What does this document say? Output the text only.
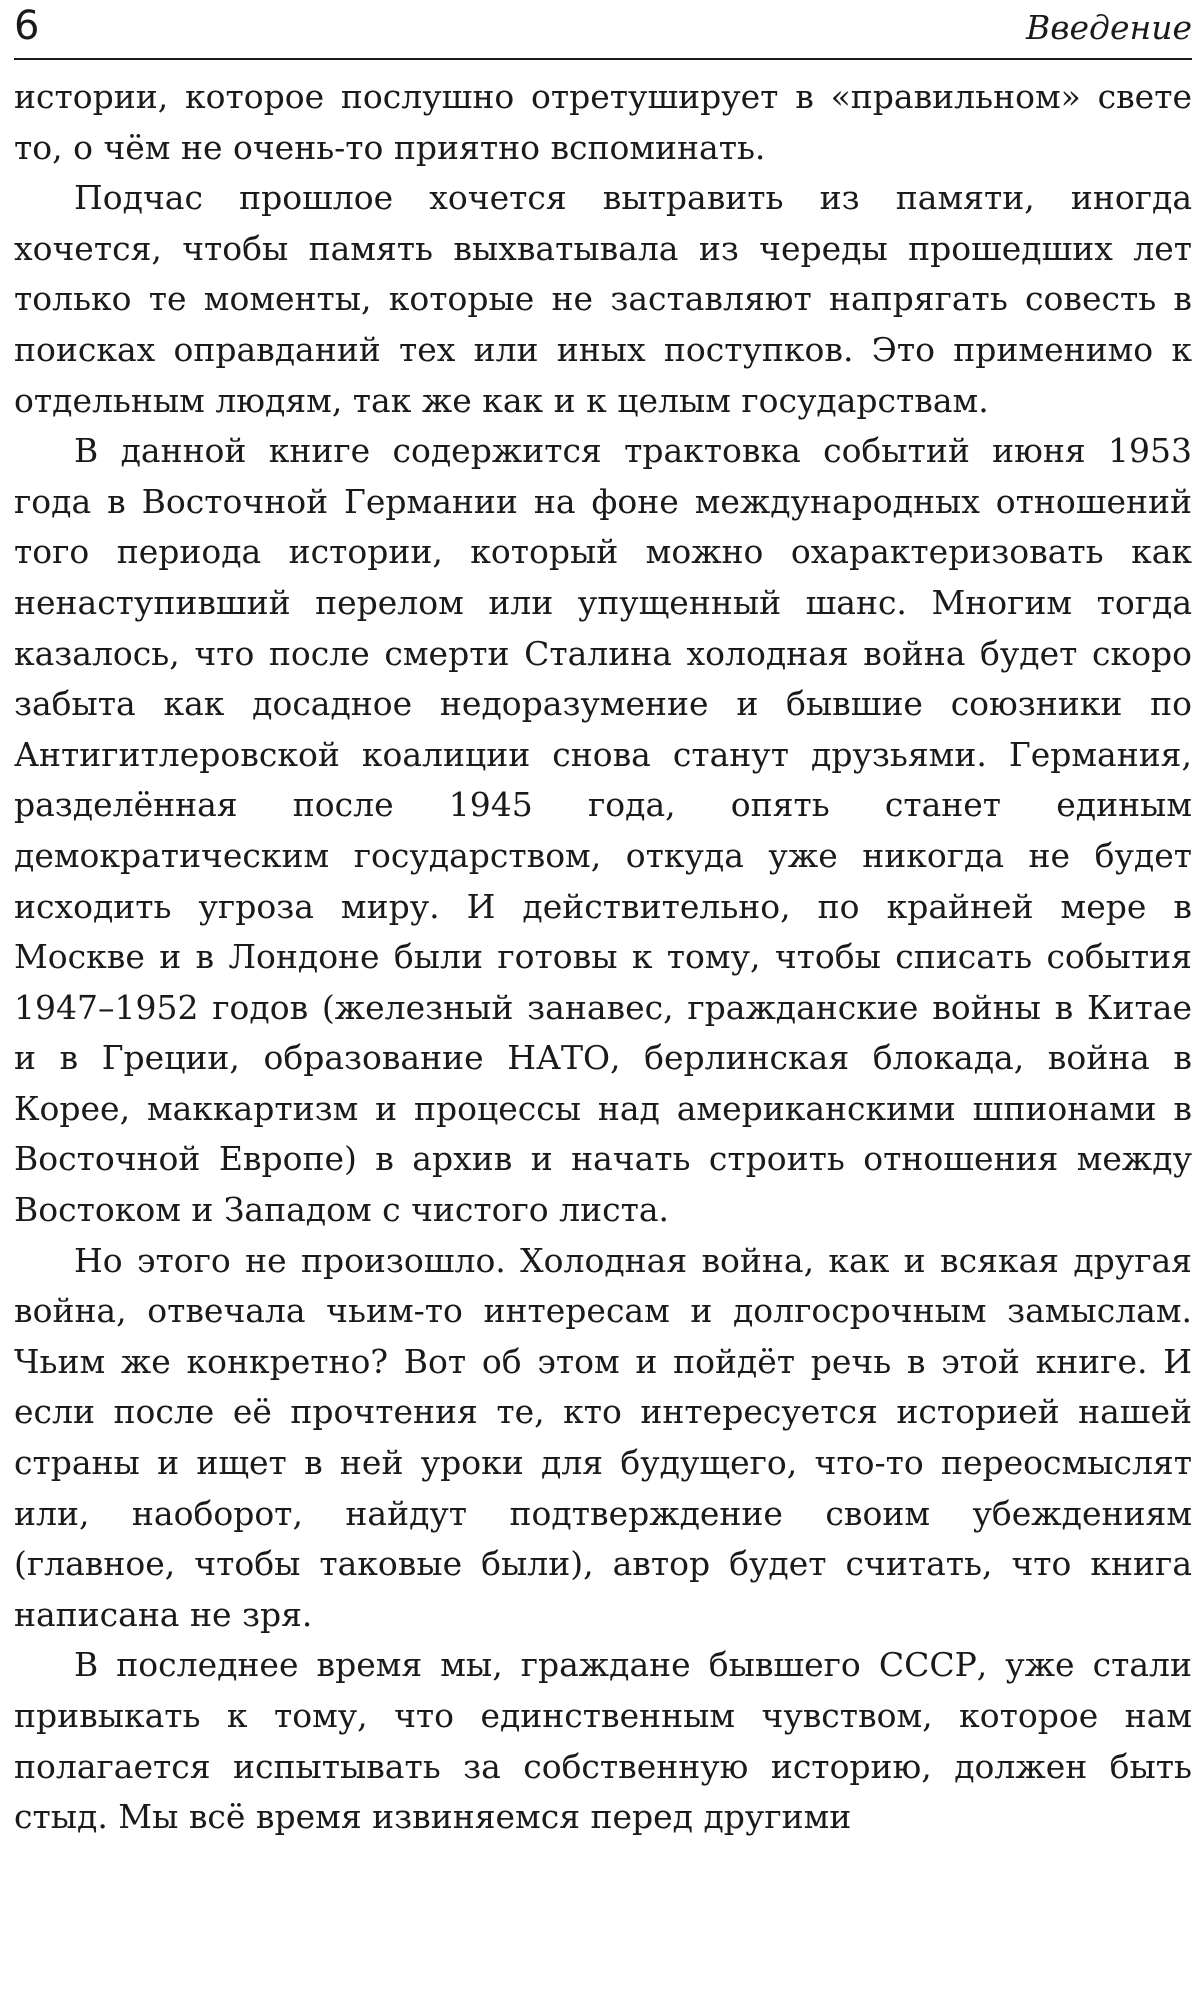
6	Введение

истории, которое послушно отретуширует в «правильном» свете то, о чём не очень-то приятно вспоминать.

Подчас прошлое хочется вытравить из памяти, иногда хочется, чтобы память выхватывала из череды прошедших лет только те моменты, которые не заставляют напрягать совесть в поисках оправданий тех или иных поступков. Это применимо к отдельным людям, так же как и к целым государствам.

В данной книге содержится трактовка событий июня 1953 года в Восточной Германии на фоне международных отношений того периода истории, который можно охарактеризовать как ненаступивший перелом или упущенный шанс. Многим тогда казалось, что после смерти Сталина холодная война будет скоро забыта как досадное недоразумение и бывшие союзники по Антигитлеровской коалиции снова станут друзьями. Германия, разделённая после 1945 года, опять станет единым демократическим государством, откуда уже никогда не будет исходить угроза миру. И действительно, по крайней мере в Москве и в Лондоне были готовы к тому, чтобы списать события 1947–1952 годов (железный занавес, гражданские войны в Китае и в Греции, образование НАТО, берлинская блокада, война в Корее, маккартизм и процессы над американскими шпионами в Восточной Европе) в архив и начать строить отношения между Востоком и Западом с чистого листа.

Но этого не произошло. Холодная война, как и всякая другая война, отвечала чьим-то интересам и долгосрочным замыслам. Чьим же конкретно? Вот об этом и пойдёт речь в этой книге. И если после её прочтения те, кто интересуется историей нашей страны и ищет в ней уроки для будущего, что-то переосмыслят или, наоборот, найдут подтверждение своим убеждениям (главное, чтобы таковые были), автор будет считать, что книга написана не зря.

В последнее время мы, граждане бывшего СССР, уже стали привыкать к тому, что единственным чувством, которое нам полагается испытывать за собственную историю, должен быть стыд. Мы всё время извиняемся перед другими
